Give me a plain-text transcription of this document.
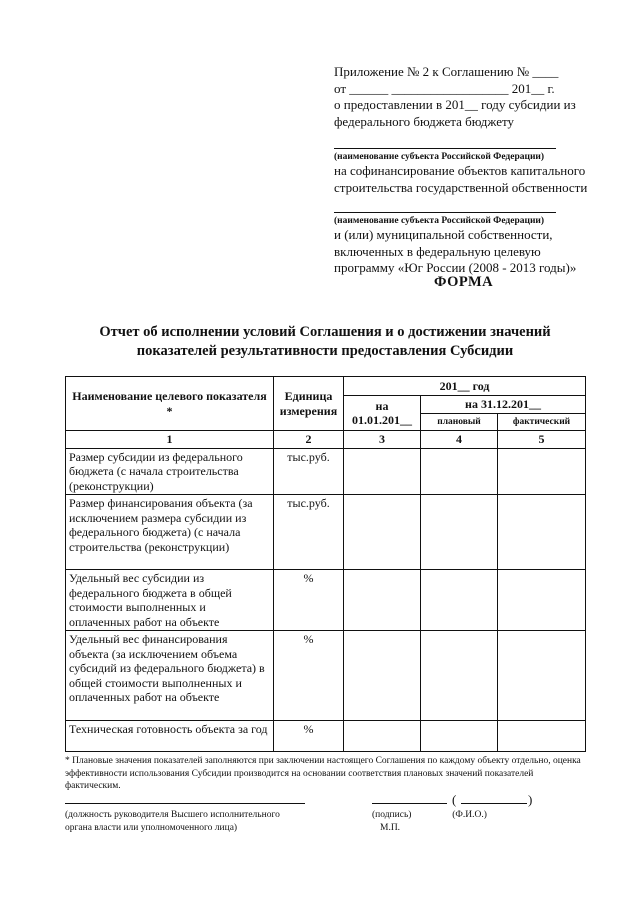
Приложение № 2 к Соглашению № ____
от ______ __________________ 201__ г.
о предоставлении в 201__ году субсидии из
федерального бюджета бюджету
(наименование субъекта Российской Федерации)
на софинансирование объектов капитального
строительства государственной обственности
(наименование субъекта Российской Федерации)
и (или) муниципальной собственности,
включенных в федеральную целевую
программу «Юг России (2008 - 2013 годы)»
ФОРМА
Отчет об исполнении условий Соглашения и о достижении значений
показателей результативности предоставления Субсидии
Наименование целевого показателя *	Единица измерения	201__ год		
		на 01.01.201__	на 31.12.201__	
			плановый	фактический
1	2	3	4	5
Размер субсидии из федерального бюджета (с начала строительства (реконструкции)	тыс.руб.			
Размер финансирования объекта (за исключением размера субсидии из федерального бюджета) (с начала строительства (реконструкции)	тыс.руб.			
Удельный вес субсидии из федерального бюджета в общей стоимости выполненных и оплаченных работ на объекте	%			
Удельный вес финансирования объекта (за исключением объема субсидий из федерального бюджета) в общей стоимости выполненных и оплаченных работ на объекте	%			
Техническая готовность объекта за год	%			
* Плановые значения показателей заполняются при заключении настоящего Соглашения по каждому объекту отдельно, оценка эффективности использования Субсидии производится на основании соответствия плановых значений показателей фактическим.
(должность руководителя Высшего исполнительного
органа власти или уполномоченного лица)
(	)
(подпись)	(Ф.И.О.)
М.П.
